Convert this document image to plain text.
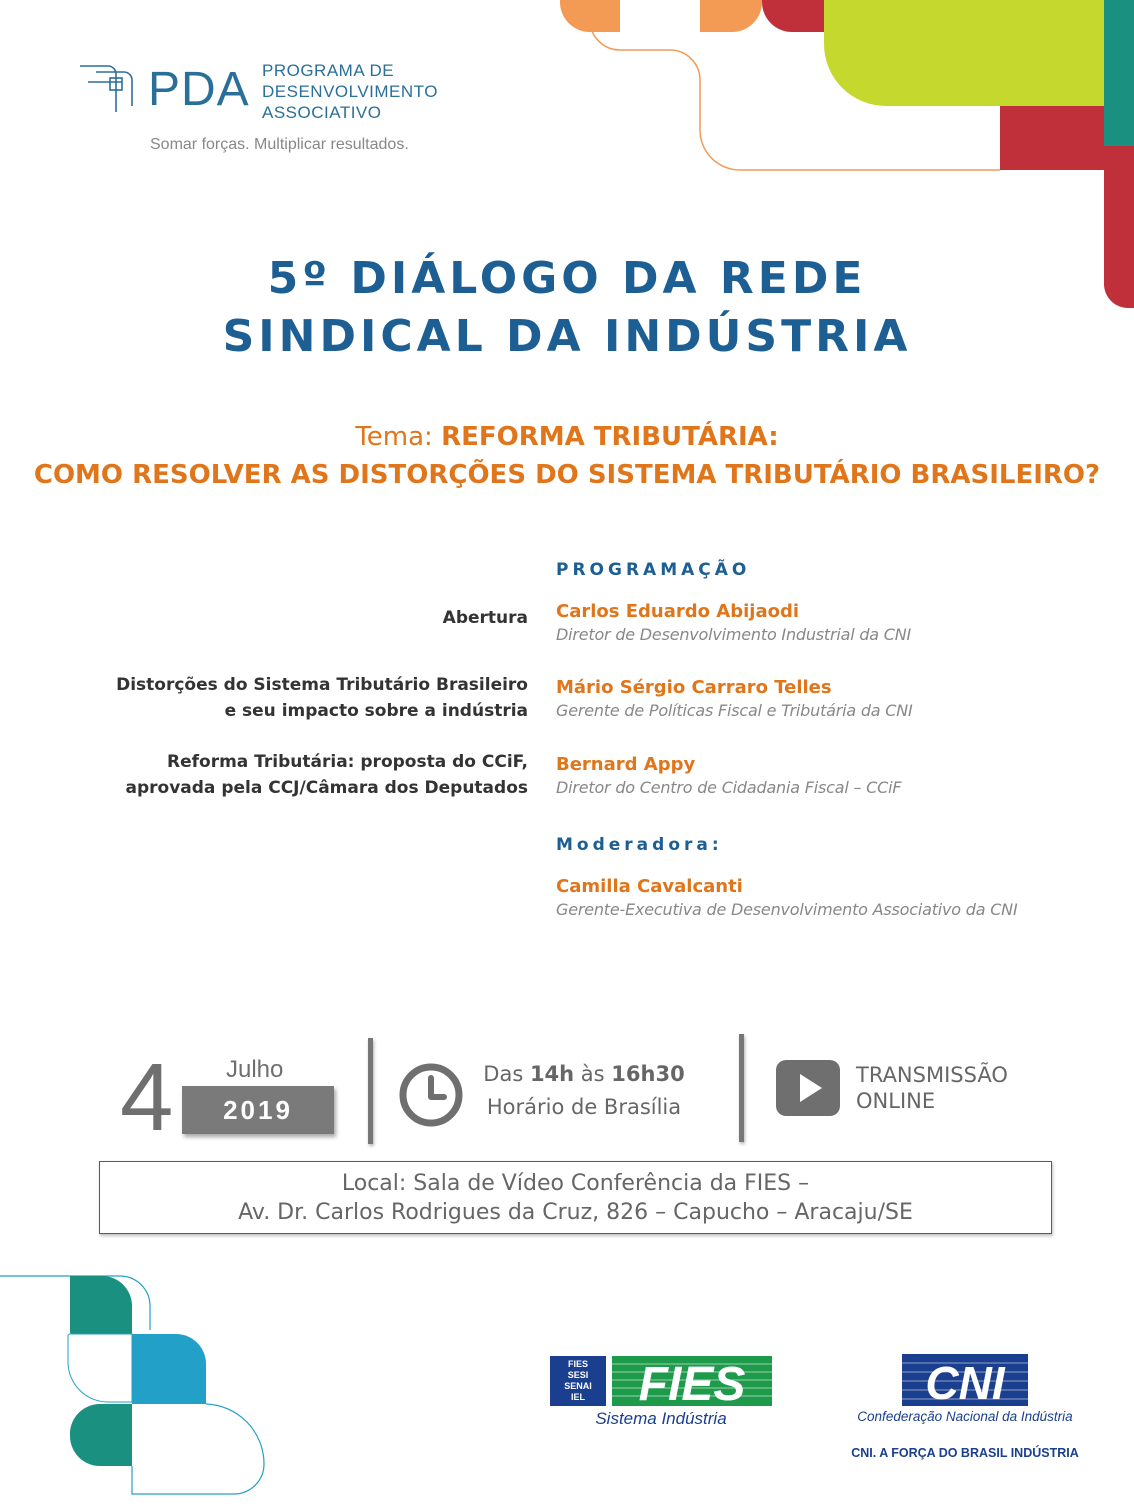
PDA PROGRAMA DE
DESENVOLVIMENTO
ASSOCIATIVO
Somar forças. Multiplicar resultados.
5º DIÁLOGO DA REDE
SINDICAL DA INDÚSTRIA
Tema: REFORMA TRIBUTÁRIA:
COMO RESOLVER AS DISTORÇÕES DO SISTEMA TRIBUTÁRIO BRASILEIRO?
PROGRAMAÇÃO
Abertura Carlos Eduardo Abijaodi
Diretor de Desenvolvimento Industrial da CNI
Distorções do Sistema Tributário Brasileiro
e seu impacto sobre a indústria
Mário Sérgio Carraro Telles
Gerente de Políticas Fiscal e Tributária da CNI
Reforma Tributária: proposta do CCiF,
aprovada pela CCJ/Câmara dos Deputados
Bernard Appy
Diretor do Centro de Cidadania Fiscal – CCiF
Moderadora:
Camilla Cavalcanti
Gerente-Executiva de Desenvolvimento Associativo da CNI
4 Julho
2019
Das 14h às 16h30
Horário de Brasília
TRANSMISSÃO
ONLINE
Local: Sala de Vídeo Conferência da FIES –
Av. Dr. Carlos Rodrigues da Cruz, 826 – Capucho – Aracaju/SE
FIES
SESI
SENAI
IEL FIES
Sistema Indústria
CNI
Confederação Nacional da Indústria
CNI. A FORÇA DO BRASIL INDÚSTRIA
